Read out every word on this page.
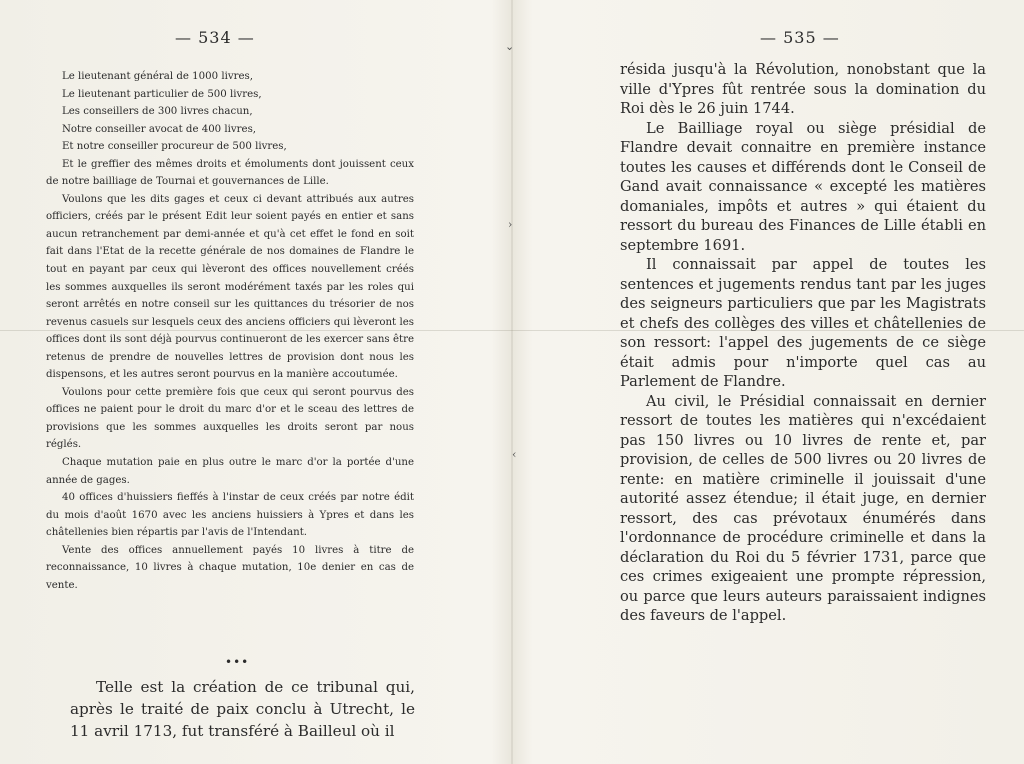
— 534 —

Le lieutenant général de 1000 livres,

Le lieutenant particulier de 500 livres,

Les conseillers de 300 livres chacun,

Notre conseiller avocat de 400 livres,

Et notre conseiller procureur de 500 livres,

Et le greffier des mêmes droits et émoluments dont jouissent ceux de notre bailliage de Tournai et gouvernances de Lille.

Voulons que les dits gages et ceux ci devant attribués aux autres officiers, créés par le présent Edit leur soient payés en entier et sans aucun retranchement par demi-année et qu'à cet effet le fond en soit fait dans l'Etat de la recette générale de nos domaines de Flandre le tout en payant par ceux qui lèveront des offices nouvellement créés les sommes auxquelles ils seront modérément taxés par les roles qui seront arrêtés en notre conseil sur les quittances du trésorier de nos revenus casuels sur lesquels ceux des anciens officiers qui lèveront les offices dont ils sont déjà pourvus continueront de les exercer sans être retenus de prendre de nouvelles lettres de provision dont nous les dispensons, et les autres seront pourvus en la manière accoutumée.

Voulons pour cette première fois que ceux qui seront pourvus des offices ne paient pour le droit du marc d'or et le sceau des lettres de provisions que les sommes auxquelles les droits seront par nous réglés.

Chaque mutation paie en plus outre le marc d'or la portée d'une année de gages.

40 offices d'huissiers fieffés à l'instar de ceux créés par notre édit du mois d'août 1670 avec les anciens huissiers à Ypres et dans les châtellenies bien répartis par l'avis de l'Intendant.

Vente des offices annuellement payés 10 livres à titre de reconnaissance, 10 livres à chaque mutation, 10e denier en cas de vente.

•••

Telle est la création de ce tribunal qui, après le traité de paix conclu à Utrecht, le 11 avril 1713, fut transféré à Bailleul où il

⌄
›
‹
— 535 —

résida jusqu'à la Révolution, nonobstant que la ville d'Ypres fût rentrée sous la domination du Roi dès le 26 juin 1744.

Le Bailliage royal ou siège présidial de Flandre devait connaitre en première instance toutes les causes et différends dont le Conseil de Gand avait connaissance « excepté les matières domaniales, impôts et autres » qui étaient du ressort du bureau des Finances de Lille établi en septembre 1691.

Il connaissait par appel de toutes les sentences et jugements rendus tant par les juges des seigneurs particuliers que par les Magistrats et chefs des collèges des villes et châtellenies de son ressort: l'appel des jugements de ce siège était admis pour n'importe quel cas au Parlement de Flandre.

Au civil, le Présidial connaissait en dernier ressort de toutes les matières qui n'excédaient pas 150 livres ou 10 livres de rente et, par provision, de celles de 500 livres ou 20 livres de rente: en matière criminelle il jouissait d'une autorité assez étendue; il était juge, en dernier ressort, des cas prévotaux énumérés dans l'ordonnance de procédure criminelle et dans la déclaration du Roi du 5 février 1731, parce que ces crimes exigeaient une prompte répression, ou parce que leurs auteurs paraissaient indignes des faveurs de l'appel.
